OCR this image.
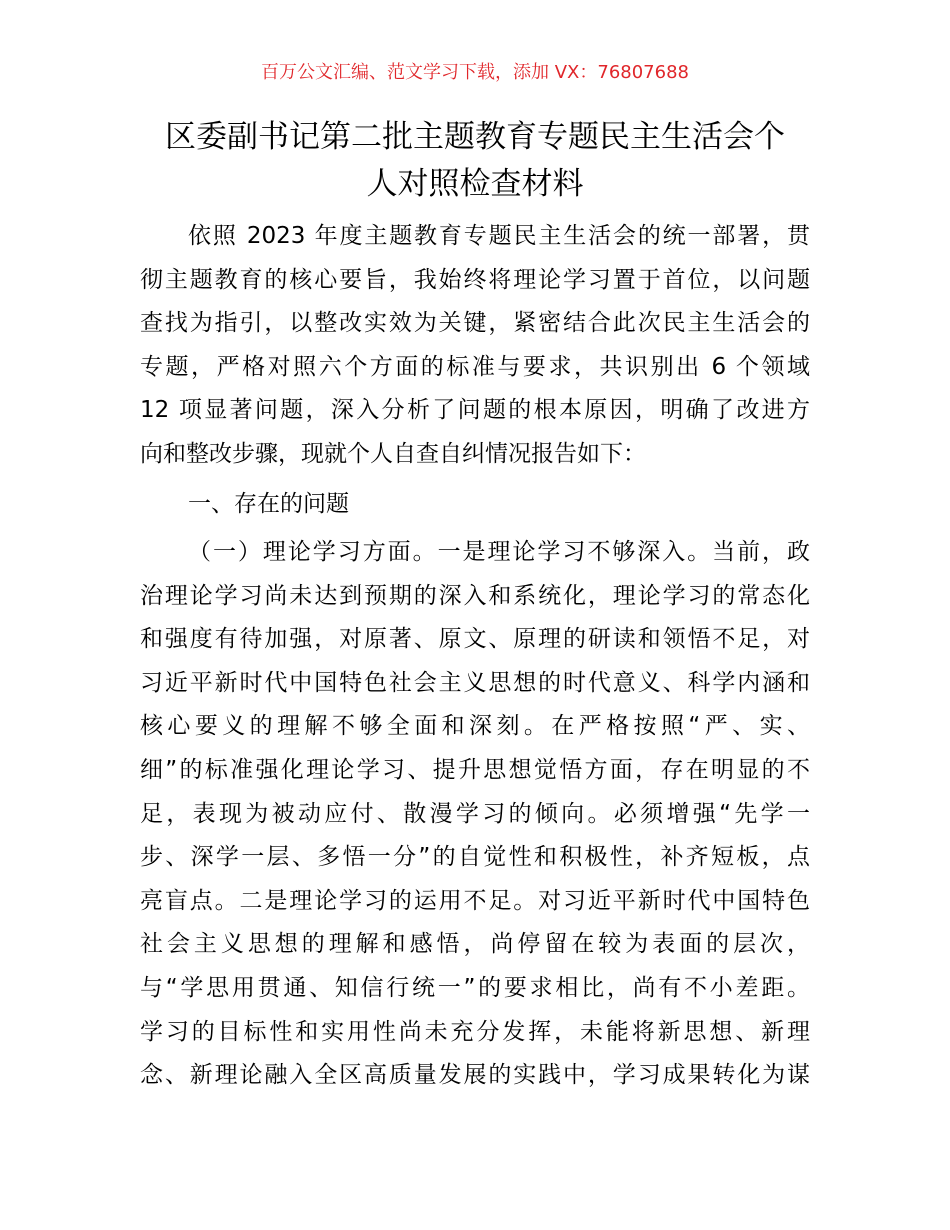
百万公文汇编、范文学习下载，添加 VX：76807688
区委副书记第二批主题教育专题民主生活会个
人对照检查材料
依照 2023 年度主题教育专题民主生活会的统一部署，贯
彻主题教育的核心要旨，我始终将理论学习置于首位，以问题
查找为指引，以整改实效为关键，紧密结合此次民主生活会的
专题，严格对照六个方面的标准与要求，共识别出 6 个领域
12 项显著问题，深入分析了问题的根本原因，明确了改进方
向和整改步骤，现就个人自查自纠情况报告如下：
一、存在的问题
（一）理论学习方面。一是理论学习不够深入。当前，政
治理论学习尚未达到预期的深入和系统化，理论学习的常态化
和强度有待加强，对原著、原文、原理的研读和领悟不足，对
习近平新时代中国特色社会主义思想的时代意义、科学内涵和
核心要义的理解不够全面和深刻。在严格按照“严、实、
细”的标准强化理论学习、提升思想觉悟方面，存在明显的不
足，表现为被动应付、散漫学习的倾向。必须增强“先学一
步、深学一层、多悟一分”的自觉性和积极性，补齐短板，点
亮盲点。二是理论学习的运用不足。对习近平新时代中国特色
社会主义思想的理解和感悟，尚停留在较为表面的层次，
与“学思用贯通、知信行统一”的要求相比，尚有不小差距。
学习的目标性和实用性尚未充分发挥，未能将新思想、新理
念、新理论融入全区高质量发展的实践中，学习成果转化为谋
